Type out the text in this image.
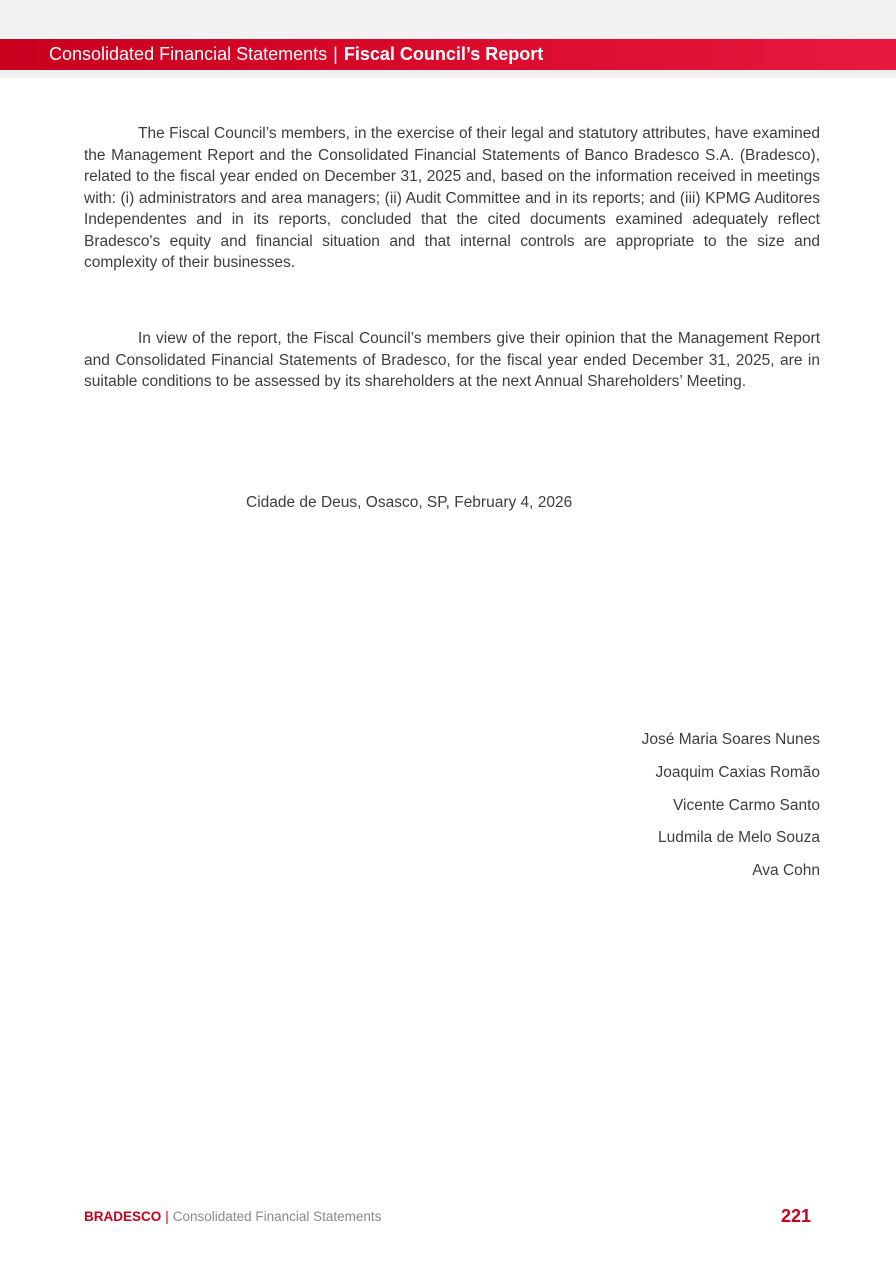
Consolidated Financial Statements | Fiscal Council’s Report

The Fiscal Council’s members, in the exercise of their legal and statutory attributes, have examined the Management Report and the Consolidated Financial Statements of Banco Bradesco S.A. (Bradesco), related to the fiscal year ended on December 31, 2025 and, based on the information received in meetings with: (i) administrators and area managers; (ii) Audit Committee and in its reports; and (iii) KPMG Auditores Independentes and in its reports, concluded that the cited documents examined adequately reflect Bradesco's equity and financial situation and that internal controls are appropriate to the size and complexity of their businesses.

In view of the report, the Fiscal Council’s members give their opinion that the Management Report and Consolidated Financial Statements of Bradesco, for the fiscal year ended December 31, 2025, are in suitable conditions to be assessed by its shareholders at the next Annual Shareholders’ Meeting.

Cidade de Deus, Osasco, SP, February 4, 2026
José Maria Soares Nunes
Joaquim Caxias Romão
Vicente Carmo Santo
Ludmila de Melo Souza
Ava Cohn
BRADESCO | Consolidated Financial Statements	221
